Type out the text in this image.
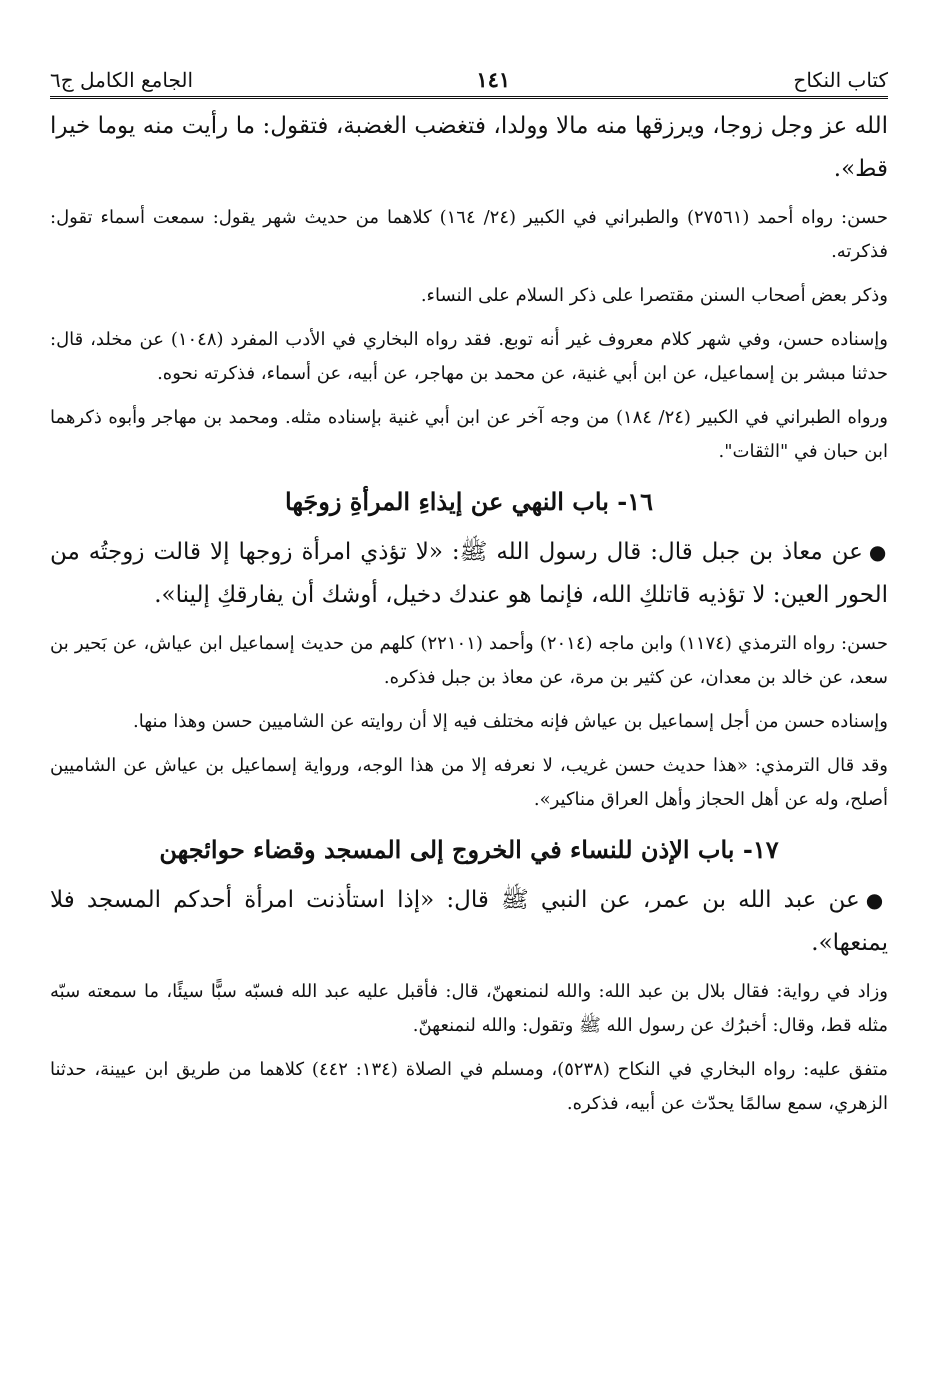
كتاب النكاح
١٤١
الجامع الكامل ج٦

الله عز وجل زوجا، ويرزقها منه مالا وولدا، فتغضب الغضبة، فتقول: ما رأيت منه يوما خيرا قط».

حسن: رواه أحمد (٢٧٥٦١) والطبراني في الكبير (٢٤/ ١٦٤) كلاهما من حديث شهر يقول: سمعت أسماء تقول: فذكرته.

وذكر بعض أصحاب السنن مقتصرا على ذكر السلام على النساء.

وإسناده حسن، وفي شهر كلام معروف غير أنه توبع. فقد رواه البخاري في الأدب المفرد (١٠٤٨) عن مخلد، قال: حدثنا مبشر بن إسماعيل، عن ابن أبي غنية، عن محمد بن مهاجر، عن أبيه، عن أسماء، فذكرته نحوه.

ورواه الطبراني في الكبير (٢٤/ ١٨٤) من وجه آخر عن ابن أبي غنية بإسناده مثله. ومحمد بن مهاجر وأبوه ذكرهما ابن حبان في "الثقات".

١٦- باب النهي عن إيذاءِ المرأةِ زوجَها

●عن معاذ بن جبل قال: قال رسول الله ﷺ: «لا تؤذي امرأة زوجها إلا قالت زوجتُه من الحور العين: لا تؤذيه قاتلكِ الله، فإنما هو عندك دخيل، أوشك أن يفارقكِ إلينا».

حسن: رواه الترمذي (١١٧٤) وابن ماجه (٢٠١٤) وأحمد (٢٢١٠١) كلهم من حديث إسماعيل ابن عياش، عن بَحير بن سعد، عن خالد بن معدان، عن كثير بن مرة، عن معاذ بن جبل فذكره.

وإسناده حسن من أجل إسماعيل بن عياش فإنه مختلف فيه إلا أن روايته عن الشاميين حسن وهذا منها.

وقد قال الترمذي: «هذا حديث حسن غريب، لا نعرفه إلا من هذا الوجه، ورواية إسماعيل بن عياش عن الشاميين أصلح، وله عن أهل الحجاز وأهل العراق مناكير».

١٧- باب الإذن للنساء في الخروج إلى المسجد وقضاء حوائجهن

●عن عبد الله بن عمر، عن النبي ﷺ قال: «إذا استأذنت امرأة أحدكم المسجد فلا يمنعها».

وزاد في رواية: فقال بلال بن عبد الله: والله لنمنعهنّ، قال: فأقبل عليه عبد الله فسبّه سبًّا سيئًا، ما سمعته سبّه مثله قط، وقال: أخبرُك عن رسول الله ﷺ وتقول: والله لنمنعهنّ.

متفق عليه: رواه البخاري في النكاح (٥٢٣٨)، ومسلم في الصلاة (١٣٤: ٤٤٢) كلاهما من طريق ابن عيينة، حدثنا الزهري، سمع سالمًا يحدّث عن أبيه، فذكره.
